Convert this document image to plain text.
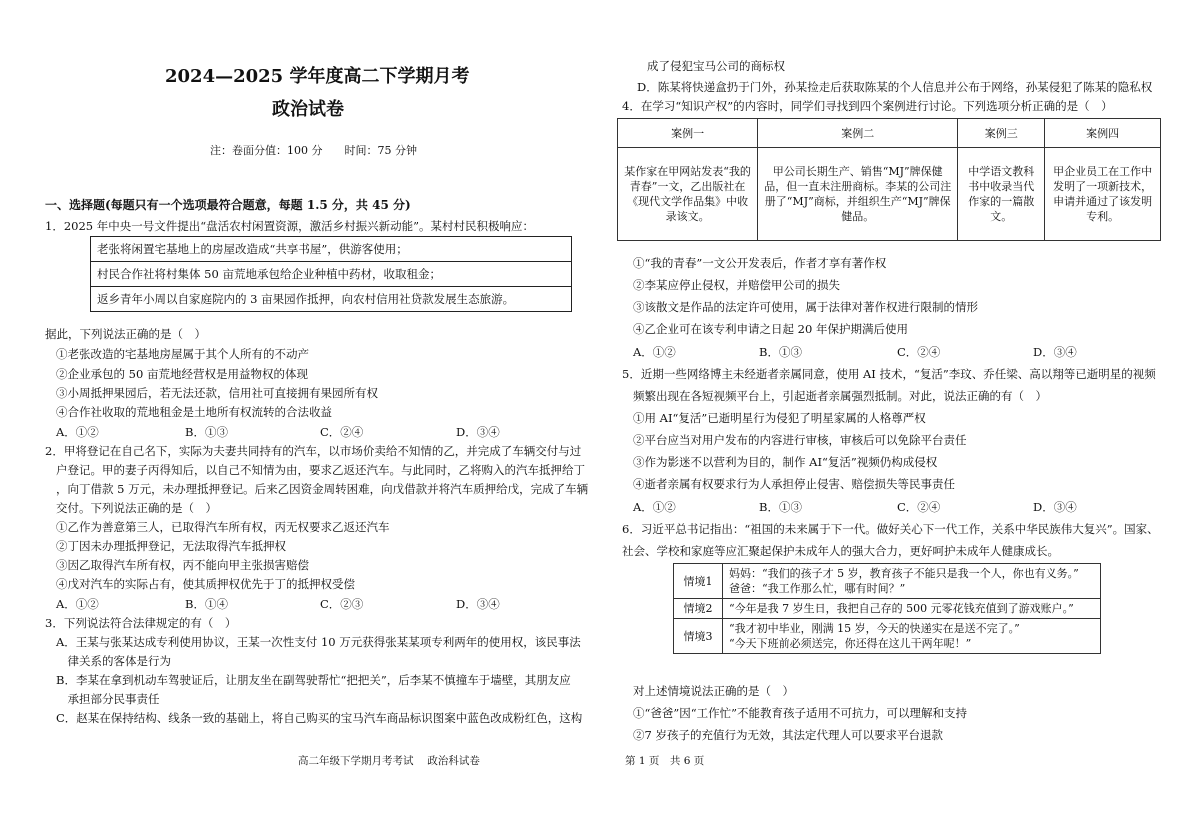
2024—2025 学年度高二下学期月考
政治试卷
注：卷面分值：100 分　　时间：75 分钟
一、选择题(每题只有一个选项最符合题意，每题 1.5 分，共 45 分)
1．2025 年中央一号文件提出“盘活农村闲置资源，激活乡村振兴新动能”。某村村民积极响应：
老张将闲置宅基地上的房屋改造成“共享书屋”，供游客使用；
村民合作社将村集体 50 亩荒地承包给企业种植中药材，收取租金；
返乡青年小周以自家庭院内的 3 亩果园作抵押，向农村信用社贷款发展生态旅游。
据此，下列说法正确的是（　）
①老张改造的宅基地房屋属于其个人所有的不动产
②企业承包的 50 亩荒地经营权是用益物权的体现
③小周抵押果园后，若无法还款，信用社可直接拥有果园所有权
④合作社收取的荒地租金是土地所有权流转的合法收益
A．①②	B．①③	C．②④	D．③④
2．甲将登记在自己名下，实际为夫妻共同持有的汽车，以市场价卖给不知情的乙，并完成了车辆交付与过
户登记。甲的妻子丙得知后，以自己不知情为由，要求乙返还汽车。与此同时，乙将购入的汽车抵押给丁
，向丁借款 5 万元，未办理抵押登记。后来乙因资金周转困难，向戊借款并将汽车质押给戊，完成了车辆
交付。下列说法正确的是（　）
①乙作为善意第三人，已取得汽车所有权，丙无权要求乙返还汽车
②丁因未办理抵押登记，无法取得汽车抵押权
③因乙取得汽车所有权，丙不能向甲主张损害赔偿
④戊对汽车的实际占有，使其质押权优先于丁的抵押权受偿
A．①②	B．①④	C．②③	D．③④
3．下列说法符合法律规定的有（　）
A．王某与张某达成专利使用协议，王某一次性支付 10 万元获得张某某项专利两年的使用权，该民事法
　律关系的客体是行为
B．李某在拿到机动车驾驶证后，让朋友坐在副驾驶帮忙“把把关”，后李某不慎撞车于墙壁，其朋友应
　承担部分民事责任
C．赵某在保持结构、线条一致的基础上，将自己购买的宝马汽车商品标识图案中蓝色改成粉红色，这构
成了侵犯宝马公司的商标权
D．陈某将快递盒扔于门外，孙某捡走后获取陈某的个人信息并公布于网络，孙某侵犯了陈某的隐私权
4．在学习“知识产权”的内容时，同学们寻找到四个案例进行讨论。下列选项分析正确的是（　）
案例一	案例二	案例三	案例四
某作家在甲网站发表“我的青春”一文，乙出版社在《现代文学作品集》中收录该文。	甲公司长期生产、销售“MJ”牌保健品，但一直未注册商标。李某的公司注册了“MJ”商标，并组织生产“MJ”牌保健品。	中学语文教科书中收录当代作家的一篇散文。	甲企业员工在工作中发明了一项新技术，申请并通过了该发明专利。
①“我的青春”一文公开发表后，作者才享有著作权
②李某应停止侵权，并赔偿甲公司的损失
③该散文是作品的法定许可使用，属于法律对著作权进行限制的情形
④乙企业可在该专利申请之日起 20 年保护期满后使用
A．①②	B．①③	C．②④	D．③④
5．近期一些网络博主未经逝者亲属同意，使用 AI 技术，“复活”李玟、乔任梁、高以翔等已逝明星的视频
频繁出现在各短视频平台上，引起逝者亲属强烈抵制。对此，说法正确的有（　）
①用 AI“复活”已逝明星行为侵犯了明星家属的人格尊严权
②平台应当对用户发布的内容进行审核，审核后可以免除平台责任
③作为影迷不以营利为目的，制作 AI“复活”视频仍构成侵权
④逝者亲属有权要求行为人承担停止侵害、赔偿损失等民事责任
A．①②	B．①③	C．②④	D．③④
6．习近平总书记指出：“祖国的未来属于下一代。做好关心下一代工作，关系中华民族伟大复兴”。国家、
社会、学校和家庭等应汇聚起保护未成年人的强大合力，更好呵护未成年人健康成长。
情境1	妈妈：“我们的孩子才 5 岁，教育孩子不能只是我一个人，你也有义务。”
爸爸：“我工作那么忙，哪有时间？”

情境2	“今年是我 7 岁生日，我把自己存的 500 元零花钱充值到了游戏账户。”

情境3	“我才初中毕业，刚满 15 岁，今天的快递实在是送不完了。”
“今天下班前必须送完，你还得在这儿干两年呢！”
对上述情境说法正确的是（　）
①“爸爸”因“工作忙”不能教育孩子适用不可抗力，可以理解和支持
②7 岁孩子的充值行为无效，其法定代理人可以要求平台退款
高二年级下学期月考考试　 政治科试卷	第 1 页　共 6 页
